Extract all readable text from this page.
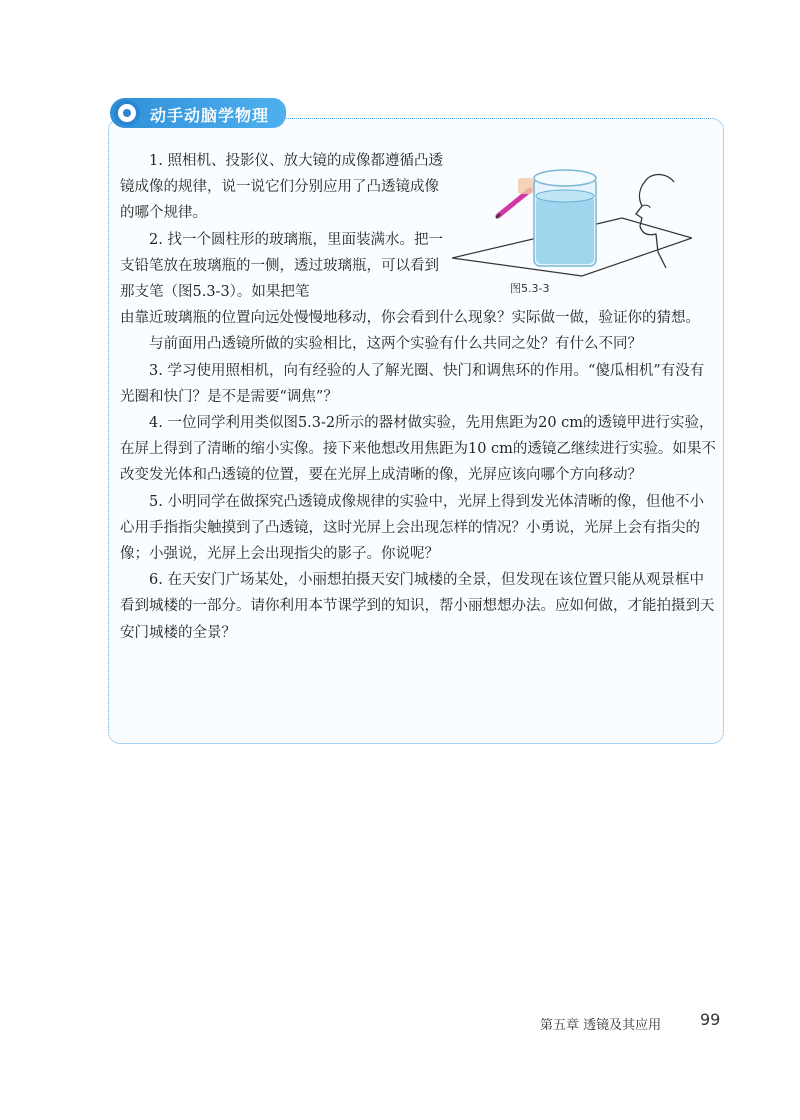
动手动脑学物理
图5.3-3

1. 照相机、投影仪、放大镜的成像都遵循凸透镜成像的规律，说一说它们分别应用了凸透镜成像的哪个规律。

2. 找一个圆柱形的玻璃瓶，里面装满水。把一支铅笔放在玻璃瓶的一侧，透过玻璃瓶，可以看到那支笔（图5.3-3）。如果把笔

由靠近玻璃瓶的位置向远处慢慢地移动，你会看到什么现象？实际做一做，验证你的猜想。

与前面用凸透镜所做的实验相比，这两个实验有什么共同之处？有什么不同？

3. 学习使用照相机，向有经验的人了解光圈、快门和调焦环的作用。“傻瓜相机”有没有光圈和快门？是不是需要“调焦”？

4. 一位同学利用类似图5.3-2所示的器材做实验，先用焦距为20 cm的透镜甲进行实验，在屏上得到了清晰的缩小实像。接下来他想改用焦距为10 cm的透镜乙继续进行实验。如果不改变发光体和凸透镜的位置，要在光屏上成清晰的像，光屏应该向哪个方向移动？

5. 小明同学在做探究凸透镜成像规律的实验中，光屏上得到发光体清晰的像，但他不小心用手指指尖触摸到了凸透镜，这时光屏上会出现怎样的情况？小勇说，光屏上会有指尖的像；小强说，光屏上会出现指尖的影子。你说呢？

6. 在天安门广场某处，小丽想拍摄天安门城楼的全景，但发现在该位置只能从观景框中看到城楼的一部分。请你利用本节课学到的知识，帮小丽想想办法。应如何做，才能拍摄到天安门城楼的全景？

第五章 透镜及其应用 99
